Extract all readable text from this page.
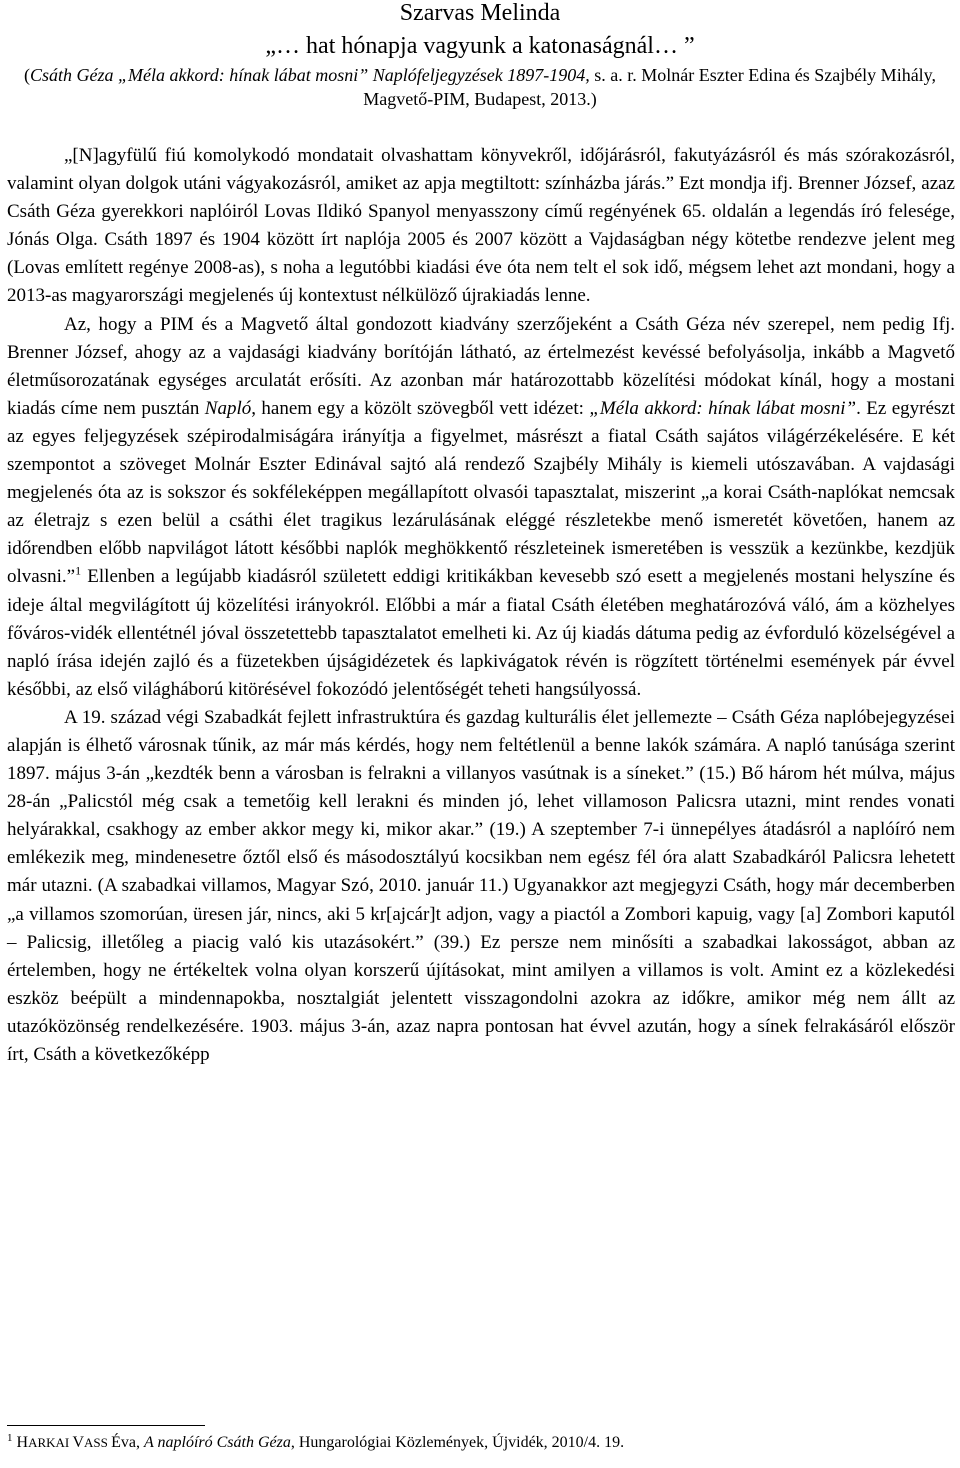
Szarvas Melinda
„… hat hónapja vagyunk a katonaságnál… ”
(Csáth Géza „Méla akkord: hínak lábat mosni” Naplófeljegyzések 1897-1904, s. a. r. Molnár Eszter Edina és Szajbély Mihály, Magvető-PIM, Budapest, 2013.)

„[N]agyfülű fiú komolykodó mondatait olvashattam könyvekről, időjárásról, fakutyázásról és más szórakozásról, valamint olyan dolgok utáni vágyakozásról, amiket az apja megtiltott: színházba járás.” Ezt mondja ifj. Brenner József, azaz Csáth Géza gyerekkori naplóiról Lovas Ildikó Spanyol menyasszony című regényének 65. oldalán a legendás író felesége, Jónás Olga. Csáth 1897 és 1904 között írt naplója 2005 és 2007 között a Vajdaságban négy kötetbe rendezve jelent meg (Lovas említett regénye 2008-as), s noha a legutóbbi kiadási éve óta nem telt el sok idő, mégsem lehet azt mondani, hogy a 2013-as magyarországi megjelenés új kontextust nélkülöző újrakiadás lenne.

Az, hogy a PIM és a Magvető által gondozott kiadvány szerzőjeként a Csáth Géza név szerepel, nem pedig Ifj. Brenner József, ahogy az a vajdasági kiadvány borítóján látható, az értelmezést kevéssé befolyásolja, inkább a Magvető életműsorozatának egységes arculatát erősíti. Az azonban már határozottabb közelítési módokat kínál, hogy a mostani kiadás címe nem pusztán Napló, hanem egy a közölt szövegből vett idézet: „Méla akkord: hínak lábat mosni”. Ez egyrészt az egyes feljegyzések szépirodalmiságára irányítja a figyelmet, másrészt a fiatal Csáth sajátos világérzékelésére. E két szempontot a szöveget Molnár Eszter Edinával sajtó alá rendező Szajbély Mihály is kiemeli utószavában. A vajdasági megjelenés óta az is sokszor és sokféleképpen megállapított olvasói tapasztalat, miszerint „a korai Csáth-naplókat nemcsak az életrajz s ezen belül a csáthi élet tragikus lezárulásának eléggé részletekbe menő ismeretét követően, hanem az időrendben előbb napvilágot látott későbbi naplók meghökkentő részleteinek ismeretében is vesszük a kezünkbe, kezdjük olvasni.”$^1$ Ellenben a legújabb kiadásról született eddigi kritikákban kevesebb szó esett a megjelenés mostani helyszíne és ideje által megvilágított új közelítési irányokról. Előbbi a már a fiatal Csáth életében meghatározóvá váló, ám a közhelyes főváros-vidék ellentétnél jóval összetettebb tapasztalatot emelheti ki. Az új kiadás dátuma pedig az évforduló közelségével a napló írása idején zajló és a füzetekben újságidézetek és lapkivágatok révén is rögzített történelmi események pár évvel későbbi, az első világháború kitörésével fokozódó jelentőségét teheti hangsúlyossá.

A 19. század végi Szabadkát fejlett infrastruktúra és gazdag kulturális élet jellemezte – Csáth Géza naplóbejegyzései alapján is élhető városnak tűnik, az már más kérdés, hogy nem feltétlenül a benne lakók számára. A napló tanúsága szerint 1897. május 3-án „kezdték benn a városban is felrakni a villanyos vasútnak is a síneket.” (15.) Bő három hét múlva, május 28-án „Palicstól még csak a temetőig kell lerakni és minden jó, lehet villamoson Palicsra utazni, mint rendes vonati helyárakkal, csakhogy az ember akkor megy ki, mikor akar.” (19.) A szeptember 7-i ünnepélyes átadásról a naplóíró nem emlékezik meg, mindenesetre őztől első és másodosztályú kocsikban nem egész fél óra alatt Szabadkáról Palicsra lehetett már utazni. (A szabadkai villamos, Magyar Szó, 2010. január 11.) Ugyanakkor azt megjegyzi Csáth, hogy már decemberben „a villamos szomorúan, üresen jár, nincs, aki 5 kr[ajcár]t adjon, vagy a piactól a Zombori kapuig, vagy [a] Zombori kaputól – Palicsig, illetőleg a piacig való kis utazásokért.” (39.) Ez persze nem minősíti a szabadkai lakosságot, abban az értelemben, hogy ne értékeltek volna olyan korszerű újításokat, mint amilyen a villamos is volt. Amint ez a közlekedési eszköz beépült a mindennapokba, nosztalgiát jelentett visszagondolni azokra az időkre, amikor még nem állt az utazóközönség rendelkezésére. 1903. május 3-án, azaz napra pontosan hat évvel azután, hogy a sínek felrakásáról először írt, Csáth a következőképp

$^1$ HARKAI VASS Éva, A naplóíró Csáth Géza, Hungarológiai Közlemények, Újvidék, 2010/4. 19.
